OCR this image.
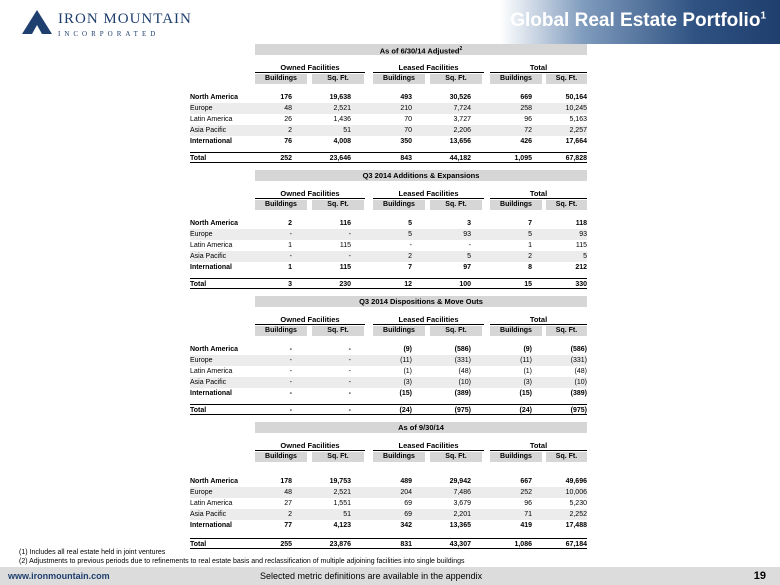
IRON MOUNTAIN
INCORPORATED
Global Real Estate Portfolio$^1$
As of 6/30/14 Adjusted$^2$
Owned Facilities	Leased Facilities	Total
Buildings	Sq. Ft.	Buildings	Sq. Ft.	Buildings	Sq. Ft.
North America	176	19,638	493	30,526	669	50,164
Europe	48	2,521	210	7,724	258	10,245
Latin America	26	1,436	70	3,727	96	5,163
Asia Pacific	2	51	70	2,206	72	2,257
International	76	4,008	350	13,656	426	17,664
Total	252	23,646	843	44,182	1,095	67,828
Q3 2014 Additions & Expansions
Owned Facilities	Leased Facilities	Total
Buildings	Sq. Ft.	Buildings	Sq. Ft.	Buildings	Sq. Ft.
North America	2	116	5	3	7	118
Europe	-	-	5	93	5	93
Latin America	1	115	-	-	1	115
Asia Pacific	-	-	2	5	2	5
International	1	115	7	97	8	212
Total	3	230	12	100	15	330
Q3 2014 Dispositions & Move Outs
Owned Facilities	Leased Facilities	Total
Buildings	Sq. Ft.	Buildings	Sq. Ft.	Buildings	Sq. Ft.
North America	-	-	(9)	(586)	(9)	(586)
Europe	-	-	(11)	(331)	(11)	(331)
Latin America	-	-	(1)	(48)	(1)	(48)
Asia Pacific	-	-	(3)	(10)	(3)	(10)
International	-	-	(15)	(389)	(15)	(389)
Total	-	-	(24)	(975)	(24)	(975)
As of 9/30/14
Owned Facilities	Leased Facilities	Total
Buildings	Sq. Ft.	Buildings	Sq. Ft.	Buildings	Sq. Ft.
North America	178	19,753	489	29,942	667	49,696
Europe	48	2,521	204	7,486	252	10,006
Latin America	27	1,551	69	3,679	96	5,230
Asia Pacific	2	51	69	2,201	71	2,252
International	77	4,123	342	13,365	419	17,488
Total	255	23,876	831	43,307	1,086	67,184
(1) Includes all real estate held in joint ventures
(2) Adjustments to previous periods due to refinements to real estate basis and reclassification of multiple adjoining facilities into single buildings
www.ironmountain.com	Selected metric definitions are available in the appendix	19
